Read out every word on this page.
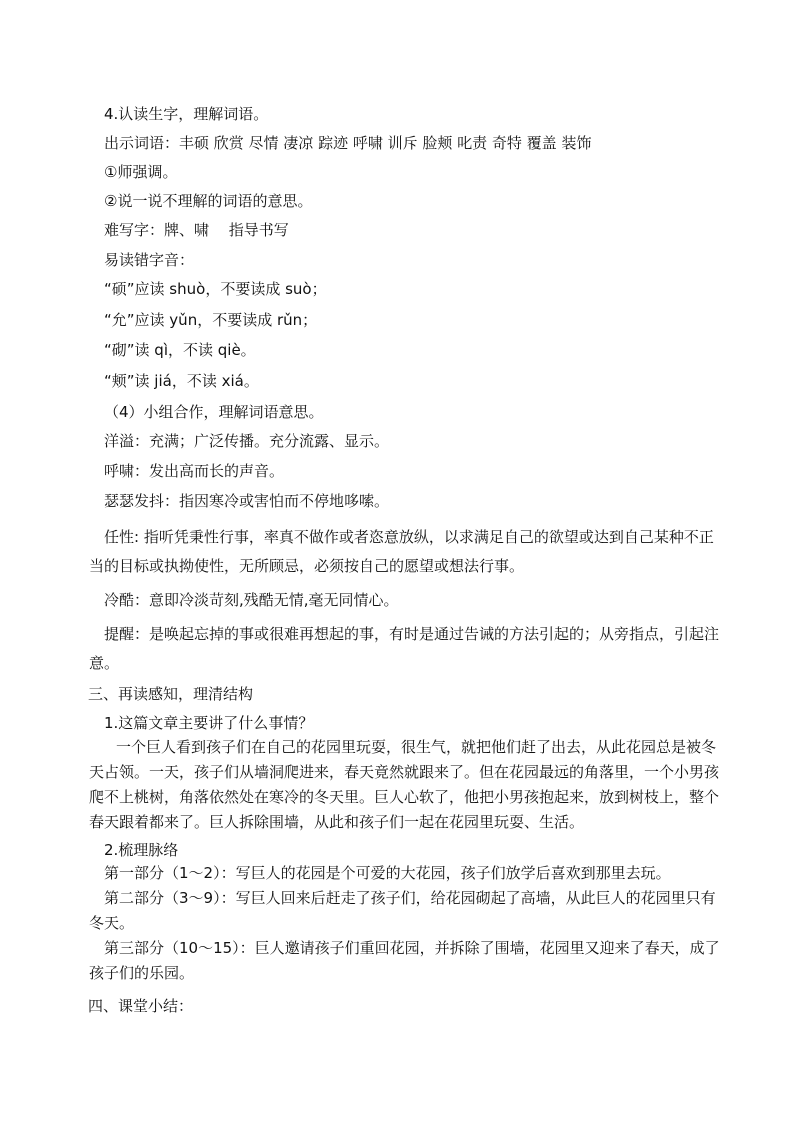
4.认读生字，理解词语。
出示词语：丰硕 欣赏 尽情 凄凉 踪迹 呼啸 训斥 脸颊 叱责 奇特 覆盖 装饰
①师强调。
②说一说不理解的词语的意思。
难写字：牌、啸　 指导书写
易读错字音：
“硕”应读 shuò，不要读成 suò；
“允”应读 yǔn，不要读成 rǔn；
“砌”读 qì，不读 qiè。
“颊”读 jiá，不读 xiá。
（4）小组合作，理解词语意思。
洋溢：充满；广泛传播。充分流露、显示。
呼啸：发出高而长的声音。
瑟瑟发抖：指因寒冷或害怕而不停地哆嗦。
任性: 指听凭秉性行事，率真不做作或者恣意放纵，以求满足自己的欲望或达到自己某种不正当的目标或执拗使性，无所顾忌，必须按自己的愿望或想法行事。
冷酷：意即冷淡苛刻,残酷无情,毫无同情心。
提醒：是唤起忘掉的事或很难再想起的事，有时是通过告诫的方法引起的；从旁指点，引起注意。
三、再读感知，理清结构
1.这篇文章主要讲了什么事情？
一个巨人看到孩子们在自己的花园里玩耍，很生气，就把他们赶了出去，从此花园总是被冬天占领。一天，孩子们从墙洞爬进来，春天竟然就跟来了。但在花园最远的角落里，一个小男孩爬不上桃树，角落依然处在寒冷的冬天里。巨人心软了，他把小男孩抱起来，放到树枝上，整个春天跟着都来了。巨人拆除围墙，从此和孩子们一起在花园里玩耍、生活。
2.梳理脉络
第一部分（1～2）：写巨人的花园是个可爱的大花园，孩子们放学后喜欢到那里去玩。
第二部分（3～9）：写巨人回来后赶走了孩子们，给花园砌起了高墙，从此巨人的花园里只有冬天。
第三部分（10～15）：巨人邀请孩子们重回花园，并拆除了围墙，花园里又迎来了春天，成了孩子们的乐园。
四、课堂小结：
